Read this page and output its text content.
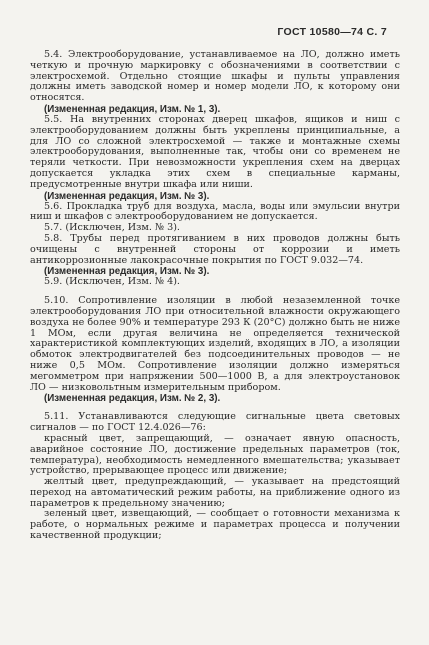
ГОСТ 10580—74 С. 7

5.4. Электрооборудование, устанавливаемое на ЛО, должно иметь четкую и прочную маркировку с обозначениями в соответствии с электросхемой. Отдельно стоящие шкафы и пульты управления должны иметь заводской номер и номер модели ЛО, к которому они относятся.

(Измененная редакция, Изм. № 1, 3).

5.5. На внутренних сторонах дверец шкафов, ящиков и ниш с электрооборудованием должны быть укреплены принципиальные, а для ЛО со сложной электросхемой — также и монтажные схемы электрооборудования, выполненные так, чтобы они со временем не теряли четкости. При невозможности укрепления схем на дверцах допускается укладка этих схем в специальные карманы, предусмотренные внутри шкафа или ниши.

(Измененная редакция, Изм. № 3).

5.6. Прокладка труб для воздуха, масла, воды или эмульсии внутри ниш и шкафов с электрооборудованием не допускается.

5.7. (Исключен, Изм. № 3).

5.8. Трубы перед протягиванием в них проводов должны быть очищены с внутренней стороны от коррозии и иметь антикоррозионные лакокрасочные покрытия по ГОСТ 9.032—74.

(Измененная редакция, Изм. № 3).

5.9. (Исключен, Изм. № 4).

5.10. Сопротивление изоляции в любой незаземленной точке электрооборудования ЛО при относительной влажности окружающего воздуха не более 90% и температуре 293 К (20°С) должно быть не ниже 1 МОм, если другая величина не определяется технической характеристикой комплектующих изделий, входящих в ЛО, а изоляции обмоток электродвигателей без подсоединительных проводов — не ниже 0,5 МОм. Сопротивление изоляции должно измеряться мегомметром при напряжении 500—1000 В, а для электроустановок ЛО — низковольтным измерительным прибором.

(Измененная редакция, Изм. № 2, 3).

5.11. Устанавливаются следующие сигнальные цвета световых сигналов — по ГОСТ 12.4.026—76:

красный цвет, запрещающий, — означает явную опасность, аварийное состояние ЛО, достижение предельных параметров (ток, температура), необходимость немедленного вмешательства; указывает устройство, прерывающее процесс или движение;

желтый цвет, предупреждающий, — указывает на предстоящий переход на автоматический режим работы, на приближение одного из параметров к предельному значению;

зеленый цвет, извещающий, — сообщает о готовности механизма к работе, о нормальных режиме и параметрах процесса и получении качественной продукции;
